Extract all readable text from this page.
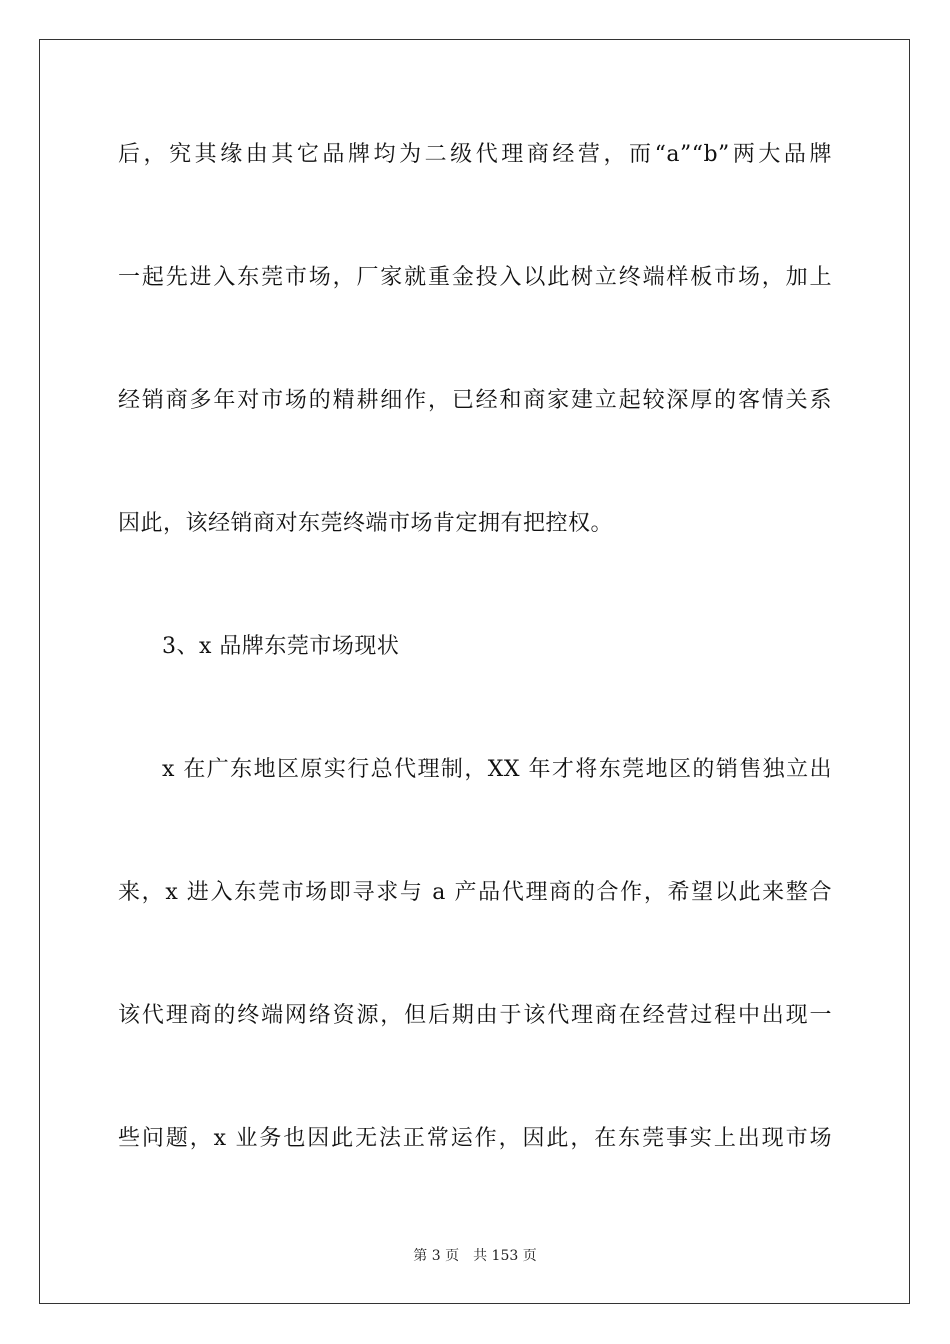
后，究其缘由其它品牌均为二级代理商经营，而“a”“b”两大品牌
一起先进入东莞市场，厂家就重金投入以此树立终端样板市场，加上
经销商多年对市场的精耕细作，已经和商家建立起较深厚的客情关系
因此，该经销商对东莞终端市场肯定拥有把控权。
3、x 品牌东莞市场现状
x 在广东地区原实行总代理制，XX 年才将东莞地区的销售独立出
来，x 进入东莞市场即寻求与 a 产品代理商的合作，希望以此来整合
该代理商的终端网络资源，但后期由于该代理商在经营过程中出现一
些问题，x 业务也因此无法正常运作，因此，在东莞事实上出现市场
第 3 页 共 153 页
